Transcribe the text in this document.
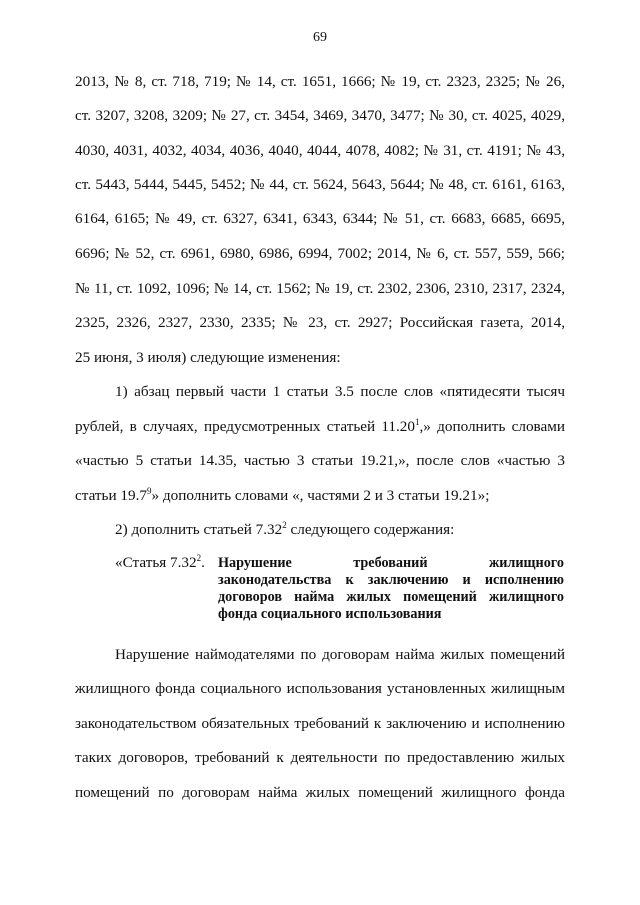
69
2013, № 8, ст. 718, 719; № 14, ст. 1651, 1666; № 19, ст. 2323, 2325; № 26,
ст. 3207, 3208, 3209; № 27, ст. 3454, 3469, 3470, 3477; № 30, ст. 4025, 4029,
4030, 4031, 4032, 4034, 4036, 4040, 4044, 4078, 4082; № 31, ст. 4191; № 43,
ст. 5443, 5444, 5445, 5452; № 44, ст. 5624, 5643, 5644; № 48, ст. 6161, 6163,
6164, 6165; № 49, ст. 6327, 6341, 6343, 6344; № 51, ст. 6683, 6685, 6695,
6696; № 52, ст. 6961, 6980, 6986, 6994, 7002; 2014, № 6, ст. 557, 559, 566;
№ 11, ст. 1092, 1096; № 14, ст. 1562; № 19, ст. 2302, 2306, 2310, 2317, 2324,
2325, 2326, 2327, 2330, 2335; № 23, ст. 2927; Российская газета, 2014,
25 июня, 3 июля) следующие изменения:
1) абзац первый части 1 статьи 3.5 после слов «пятидесяти тысяч
рублей, в случаях, предусмотренных статьей 11.20$^1$,» дополнить словами
«частью 5 статьи 14.35, частью 3 статьи 19.21,», после слов «частью 3
статьи 19.7$^9$» дополнить словами «, частями 2 и 3 статьи 19.21»;
2) дополнить статьей 7.32$^2$ следующего содержания:
«Статья 7.32$^2$. Нарушение требований жилищного
законодательства к заключению и исполнению
договоров найма жилых помещений жилищного
фонда социального использования
Нарушение наймодателями по договорам найма жилых помещений
жилищного фонда социального использования установленных жилищным
законодательством обязательных требований к заключению и исполнению
таких договоров, требований к деятельности по предоставлению жилых
помещений по договорам найма жилых помещений жилищного фонда
